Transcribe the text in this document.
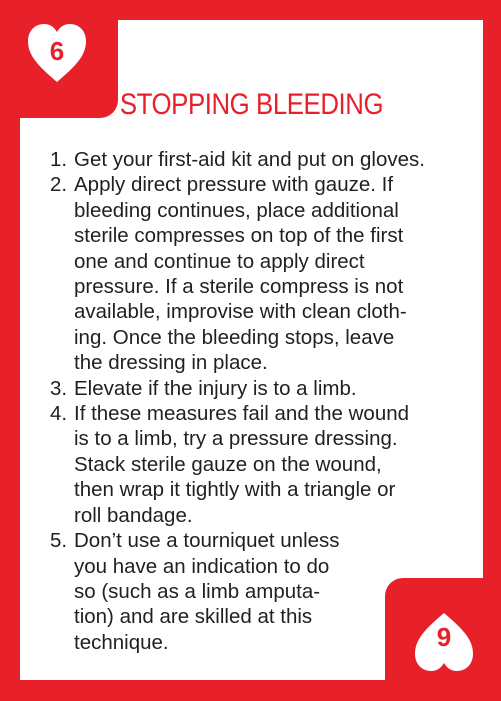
6
9
STOPPING BLEEDING
1. Get your first-aid kit and put on gloves.
2. Apply direct pressure with gauze. If
bleeding continues, place additional
sterile compresses on top of the first
one and continue to apply direct
pressure. If a sterile compress is not
available, improvise with clean cloth-
ing. Once the bleeding stops, leave
the dressing in place.
3. Elevate if the injury is to a limb.
4. If these measures fail and the wound
is to a limb, try a pressure dressing.
Stack sterile gauze on the wound,
then wrap it tightly with a triangle or
roll bandage.
5. Don’t use a tourniquet unless
you have an indication to do
so (such as a limb amputa-
tion) and are skilled at this
technique.
